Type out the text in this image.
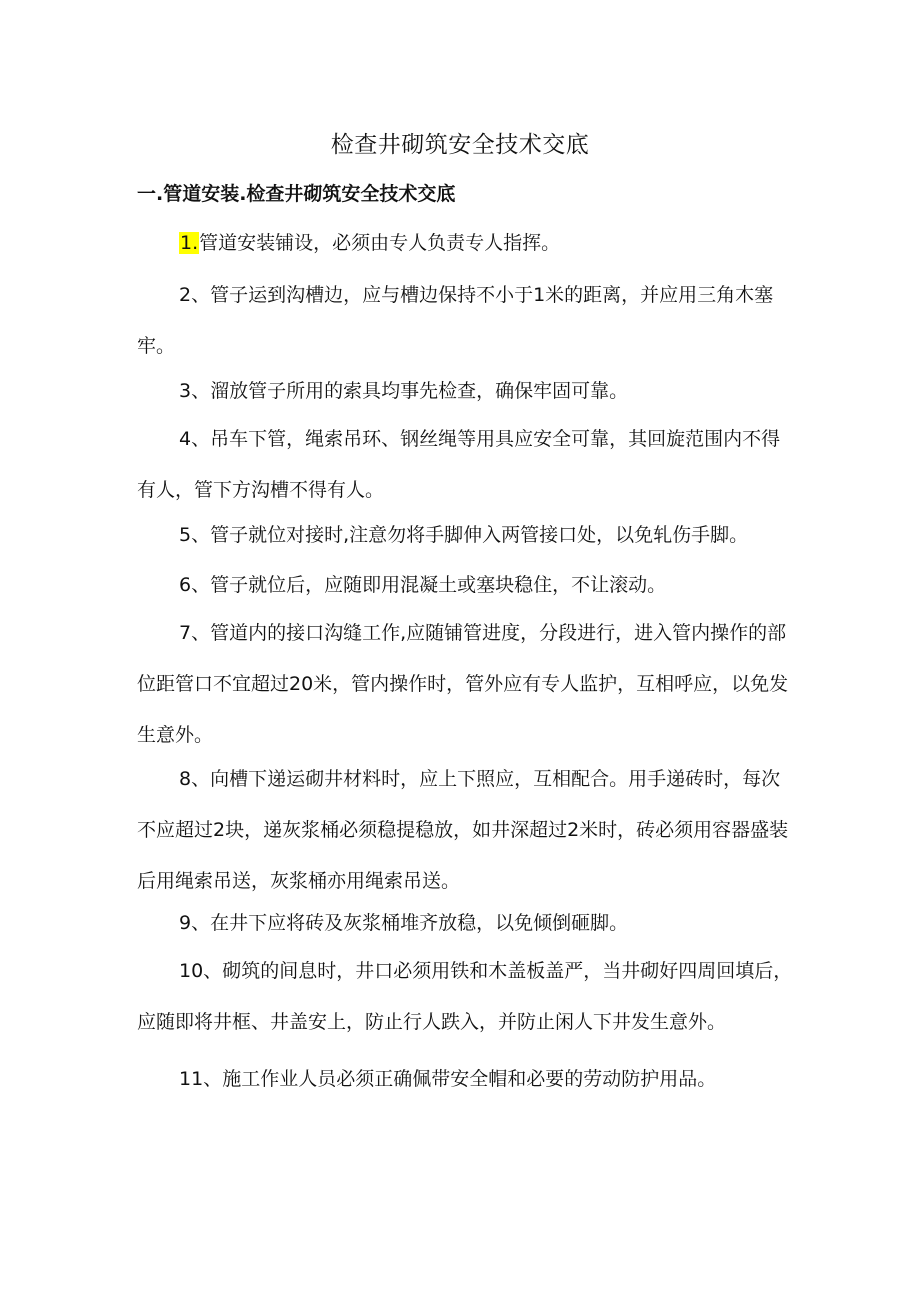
检查井砌筑安全技术交底
一.管道安装.检查井砌筑安全技术交底

1.管道安装铺设，必须由专人负责专人指挥。

2、管子运到沟槽边，应与槽边保持不小于1米的距离，并应用三角木塞牢。

3、溜放管子所用的索具均事先检查，确保牢固可靠。

4、吊车下管，绳索吊环、钢丝绳等用具应安全可靠，其回旋范围内不得有人，管下方沟槽不得有人。

5、管子就位对接时,注意勿将手脚伸入两管接口处，以免轧伤手脚。

6、管子就位后，应随即用混凝土或塞块稳住，不让滚动。

7、管道内的接口沟缝工作,应随铺管进度，分段进行，进入管内操作的部位距管口不宜超过20米，管内操作时，管外应有专人监护，互相呼应，以免发生意外。

8、向槽下递运砌井材料时，应上下照应，互相配合。用手递砖时，每次不应超过2块，递灰浆桶必须稳提稳放，如井深超过2米时，砖必须用容器盛装后用绳索吊送，灰浆桶亦用绳索吊送。

9、在井下应将砖及灰浆桶堆齐放稳，以免倾倒砸脚。

10、砌筑的间息时，井口必须用铁和木盖板盖严，当井砌好四周回填后，应随即将井框、井盖安上，防止行人跌入，并防止闲人下井发生意外。

11、施工作业人员必须正确佩带安全帽和必要的劳动防护用品。
